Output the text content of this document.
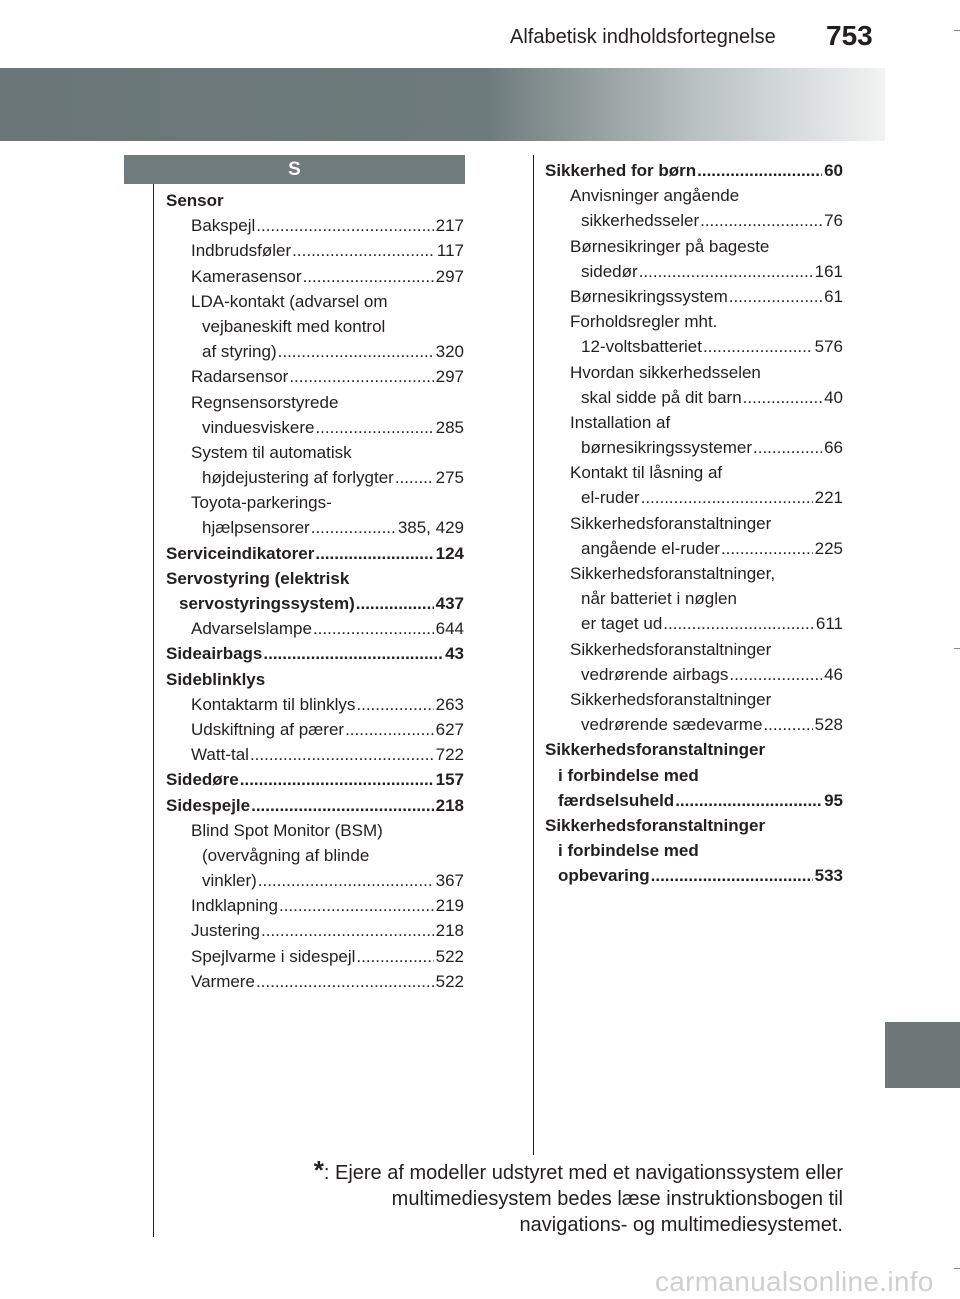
Alfabetisk indholdsfortegnelse 753
S
Sensor
Bakspejl .....	217
Indbrudsføler .....	117
Kamerasensor .....	297
LDA-kontakt (advarsel om
vejbaneskift med kontrol
af styring) .....	320
Radarsensor .....	297
Regnsensorstyrede
vinduesviskere .....	285
System til automatisk
højdejustering af forlygter ..... 275
Toyota-parkerings-
hjælpsensorer .....	385, 429
Serviceindikatorer .....	124
Servostyring (elektrisk
servostyringssystem) .....	437
Advarselslampe .....	644
Sideairbags .....	43
Sideblinklys
Kontaktarm til blinklys .....	263
Udskiftning af pærer .....	627
Watt-tal .....	722
Sidedøre .....	157
Sidespejle .....	218
Blind Spot Monitor (BSM)
(overvågning af blinde
vinkler) .....	367
Indklapning .....	219
Justering .....	218
Spejlvarme i sidespejl .....	522
Varmere .....	522
Sikkerhed for børn .....	60
Anvisninger angående
sikkerhedsseler .....	76
Børnesikringer på bageste
sidedør .....	161
Børnesikringssystem .....	61
Forholdsregler mht.
12-voltsbatteriet .....	576
Hvordan sikkerhedsselen
skal sidde på dit barn .....	40
Installation af
børnesikringssystemer .....	66
Kontakt til låsning af
el-ruder .....	221
Sikkerhedsforanstaltninger
angående el-ruder .....	225
Sikkerhedsforanstaltninger,
når batteriet i nøglen
er taget ud .....	611
Sikkerhedsforanstaltninger
vedrørende airbags .....	46
Sikkerhedsforanstaltninger
vedrørende sædevarme .....	528
Sikkerhedsforanstaltninger
i forbindelse med
færdselsuheld .....	95
Sikkerhedsforanstaltninger
i forbindelse med
opbevaring .....	533
*: Ejere af modeller udstyret med et navigationssystem eller
multimediesystem bedes læse instruktionsbogen til
navigations- og multimediesystemet.
carmanualsonline.info
